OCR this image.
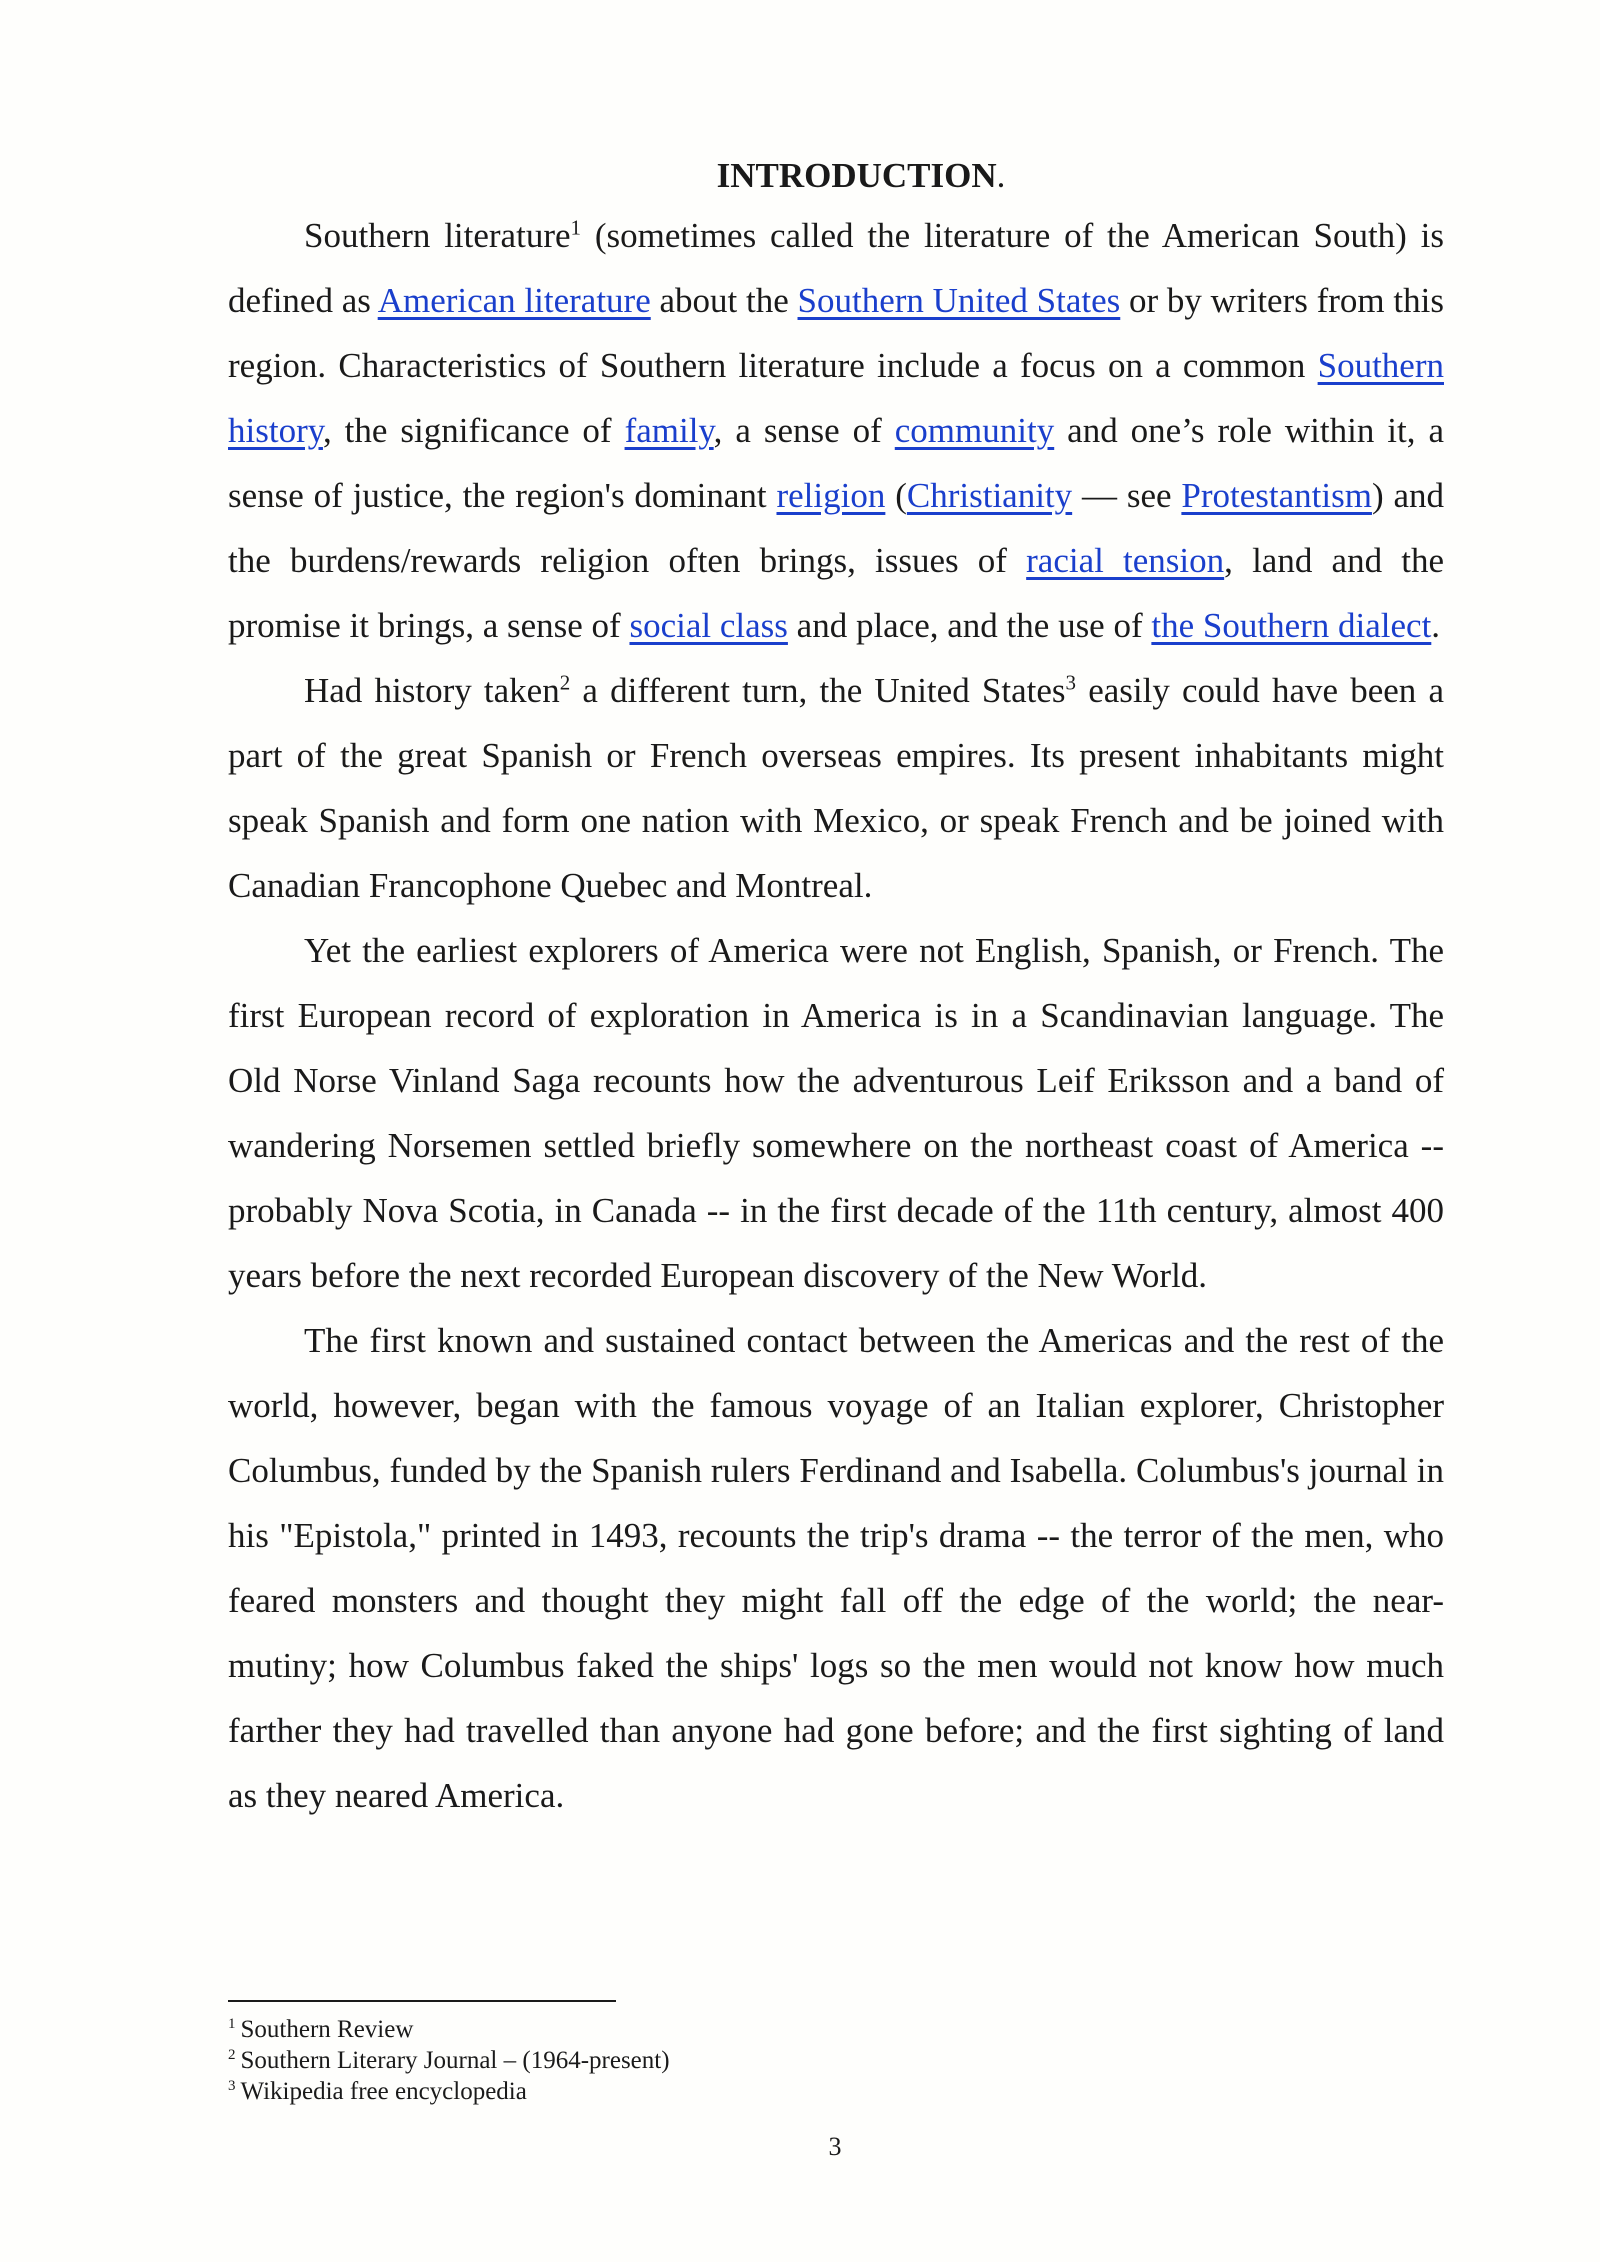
INTRODUCTION.

Southern literature$^1$ (sometimes called the literature of the American South) is defined as American literature about the Southern United States or by writers from this region. Characteristics of Southern literature include a focus on a common Southern history, the significance of family, a sense of community and one’s role within it, a sense of justice, the region's dominant religion (Christianity — see Protestantism) and the burdens/rewards religion often brings, issues of racial tension, land and the promise it brings, a sense of social class and place, and the use of the Southern dialect.

Had history taken$^2$ a different turn, the United States$^3$ easily could have been a part of the great Spanish or French overseas empires. Its present inhabitants might speak Spanish and form one nation with Mexico, or speak French and be joined with Canadian Francophone Quebec and Montreal.

Yet the earliest explorers of America were not English, Spanish, or French. The first European record of exploration in America is in a Scandinavian language. The Old Norse Vinland Saga recounts how the adventurous Leif Eriksson and a band of wandering Norsemen settled briefly somewhere on the northeast coast of America -- probably Nova Scotia, in Canada -- in the first decade of the 11th century, almost 400 years before the next recorded European discovery of the New World.

The first known and sustained contact between the Americas and the rest of the world, however, began with the famous voyage of an Italian explorer, Christopher Columbus, funded by the Spanish rulers Ferdinand and Isabella. Columbus's journal in his "Epistola," printed in 1493, recounts the trip's drama -- the terror of the men, who feared monsters and thought they might fall off the edge of the world; the near-mutiny; how Columbus faked the ships' logs so the men would not know how much farther they had travelled than anyone had gone before; and the first sighting of land as they neared America.

$^1$ Southern Review

$^2$ Southern Literary Journal – (1964-present)

$^3$ Wikipedia free encyclopedia

3
